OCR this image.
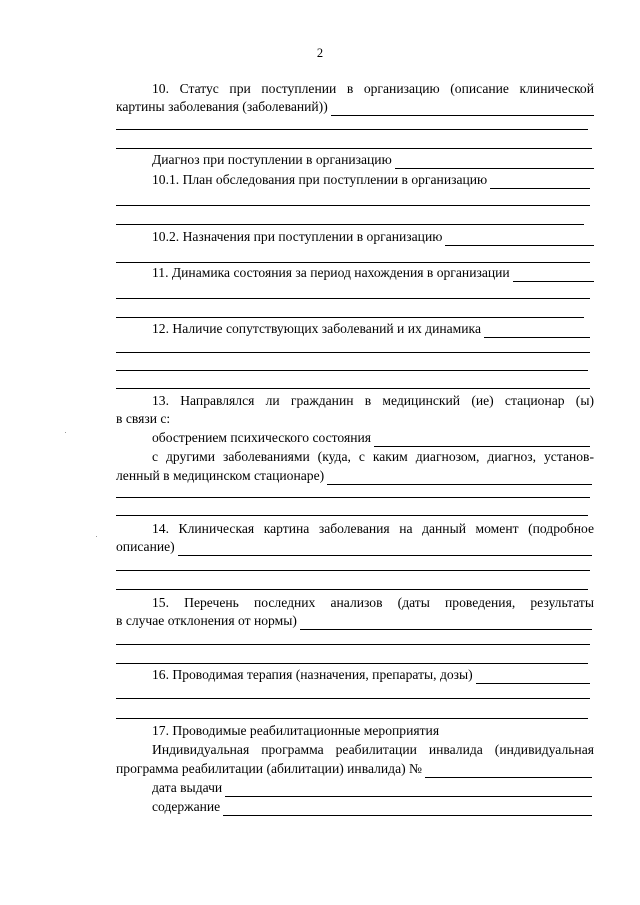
2
10. Статус при поступлении в организацию (описание клинической
картины заболевания (заболеваний))
Диагноз при поступлении в организацию
10.1. План обследования при поступлении в организацию
10.2. Назначения при поступлении в организацию
11. Динамика состояния за период нахождения в организации
12. Наличие сопутствующих заболеваний и их динамика
13. Направлялся ли гражданин в медицинский (ие) стационар (ы)
в связи с:
обострением психического состояния
с другими заболеваниями (куда, с каким диагнозом, диагноз, установ-
ленный в медицинском стационаре)
14. Клиническая картина заболевания на данный момент (подробное
описание)
15. Перечень последних анализов (даты проведения, результаты
в случае отклонения от нормы)
16. Проводимая терапия (назначения, препараты, дозы)
17. Проводимые реабилитационные мероприятия
Индивидуальная программа реабилитации инвалида (индивидуальная
программа реабилитации (абилитации) инвалида) №
дата выдачи
содержание
